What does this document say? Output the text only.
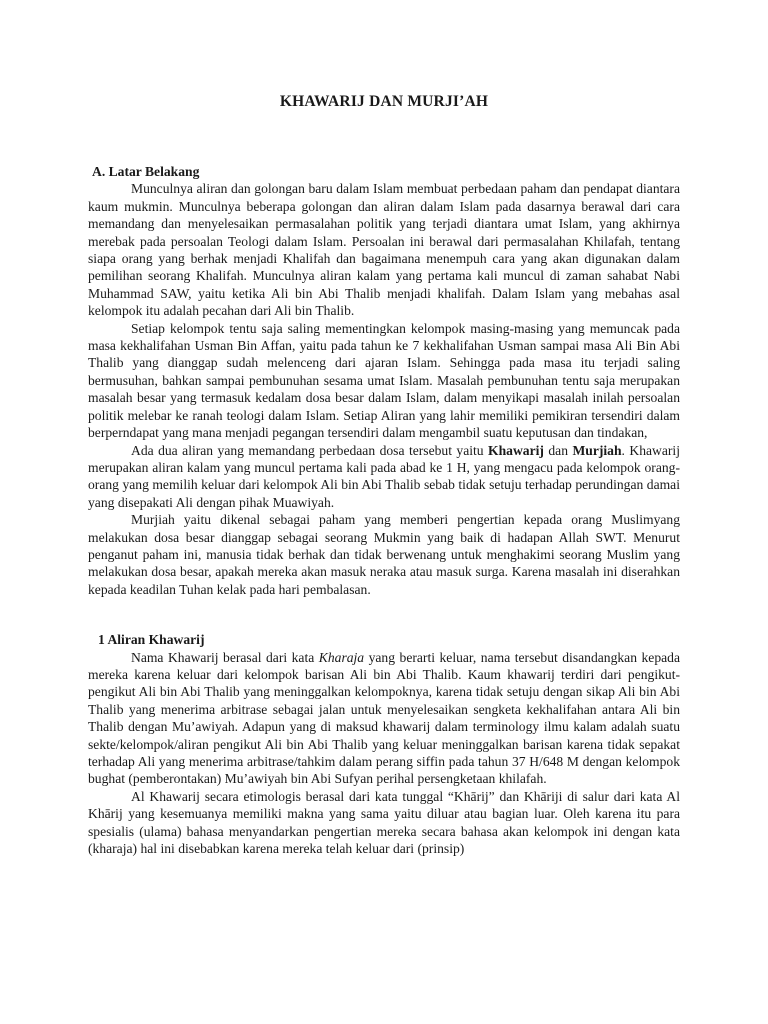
KHAWARIJ DAN MURJI’AH
A. Latar Belakang

Munculnya aliran dan golongan baru dalam Islam membuat perbedaan paham dan pendapat diantara kaum mukmin. Munculnya beberapa golongan dan aliran dalam Islam pada dasarnya berawal dari cara memandang dan menyelesaikan permasalahan politik yang terjadi diantara umat Islam, yang akhirnya merebak pada persoalan Teologi dalam Islam. Persoalan ini berawal dari permasalahan Khilafah, tentang siapa orang yang berhak menjadi Khalifah dan bagaimana menempuh cara yang akan digunakan dalam pemilihan seorang Khalifah. Munculnya aliran kalam yang pertama kali muncul di zaman sahabat Nabi Muhammad SAW, yaitu ketika Ali bin Abi Thalib menjadi khalifah. Dalam Islam yang mebahas asal kelompok itu adalah pecahan dari Ali bin Thalib.

Setiap kelompok tentu saja saling mementingkan kelompok masing-masing yang memuncak pada masa kekhalifahan Usman Bin Affan, yaitu pada tahun ke 7 kekhalifahan Usman sampai masa Ali Bin Abi Thalib yang dianggap sudah melenceng dari ajaran Islam. Sehingga pada masa itu terjadi saling bermusuhan, bahkan sampai pembunuhan sesama umat Islam. Masalah pembunuhan tentu saja merupakan masalah besar yang termasuk kedalam dosa besar dalam Islam, dalam menyikapi masalah inilah persoalan politik melebar ke ranah teologi dalam Islam. Setiap Aliran yang lahir memiliki pemikiran tersendiri dalam berperndapat yang mana menjadi pegangan tersendiri dalam mengambil suatu keputusan dan tindakan,

Ada dua aliran yang memandang perbedaan dosa tersebut yaitu Khawarij dan Murjiah. Khawarij merupakan aliran kalam yang muncul pertama kali pada abad ke 1 H, yang mengacu pada kelompok orang-orang yang memilih keluar dari kelompok Ali bin Abi Thalib sebab tidak setuju terhadap perundingan damai yang disepakati Ali dengan pihak Muawiyah.

Murjiah yaitu dikenal sebagai paham yang memberi pengertian kepada orang Muslimyang melakukan dosa besar dianggap sebagai seorang Mukmin yang baik di hadapan Allah SWT. Menurut penganut paham ini, manusia tidak berhak dan tidak berwenang untuk menghakimi seorang Muslim yang melakukan dosa besar, apakah mereka akan masuk neraka atau masuk surga. Karena masalah ini diserahkan kepada keadilan Tuhan kelak pada hari pembalasan.

1 Aliran Khawarij

Nama Khawarij berasal dari kata Kharaja yang berarti keluar, nama tersebut disandangkan kepada mereka karena keluar dari kelompok barisan Ali bin Abi Thalib. Kaum khawarij terdiri dari pengikut-pengikut Ali bin Abi Thalib yang meninggalkan kelompoknya, karena tidak setuju dengan sikap Ali bin Abi Thalib yang menerima arbitrase sebagai jalan untuk menyelesaikan sengketa kekhalifahan antara Ali bin Thalib dengan Mu’awiyah. Adapun yang di maksud khawarij dalam terminology ilmu kalam adalah suatu sekte/kelompok/aliran pengikut Ali bin Abi Thalib yang keluar meninggalkan barisan karena tidak sepakat terhadap Ali yang menerima arbitrase/tahkim dalam perang siffin pada tahun 37 H/648 M dengan kelompok bughat (pemberontakan) Mu’awiyah bin Abi Sufyan perihal persengketaan khilafah.

Al Khawarij secara etimologis berasal dari kata tunggal “Khārij” dan Khāriji di salur dari kata Al Khārij yang kesemuanya memiliki makna yang sama yaitu diluar atau bagian luar. Oleh karena itu para spesialis (ulama) bahasa menyandarkan pengertian mereka secara bahasa akan kelompok ini dengan kata (kharaja) hal ini disebabkan karena mereka telah keluar dari (prinsip)
